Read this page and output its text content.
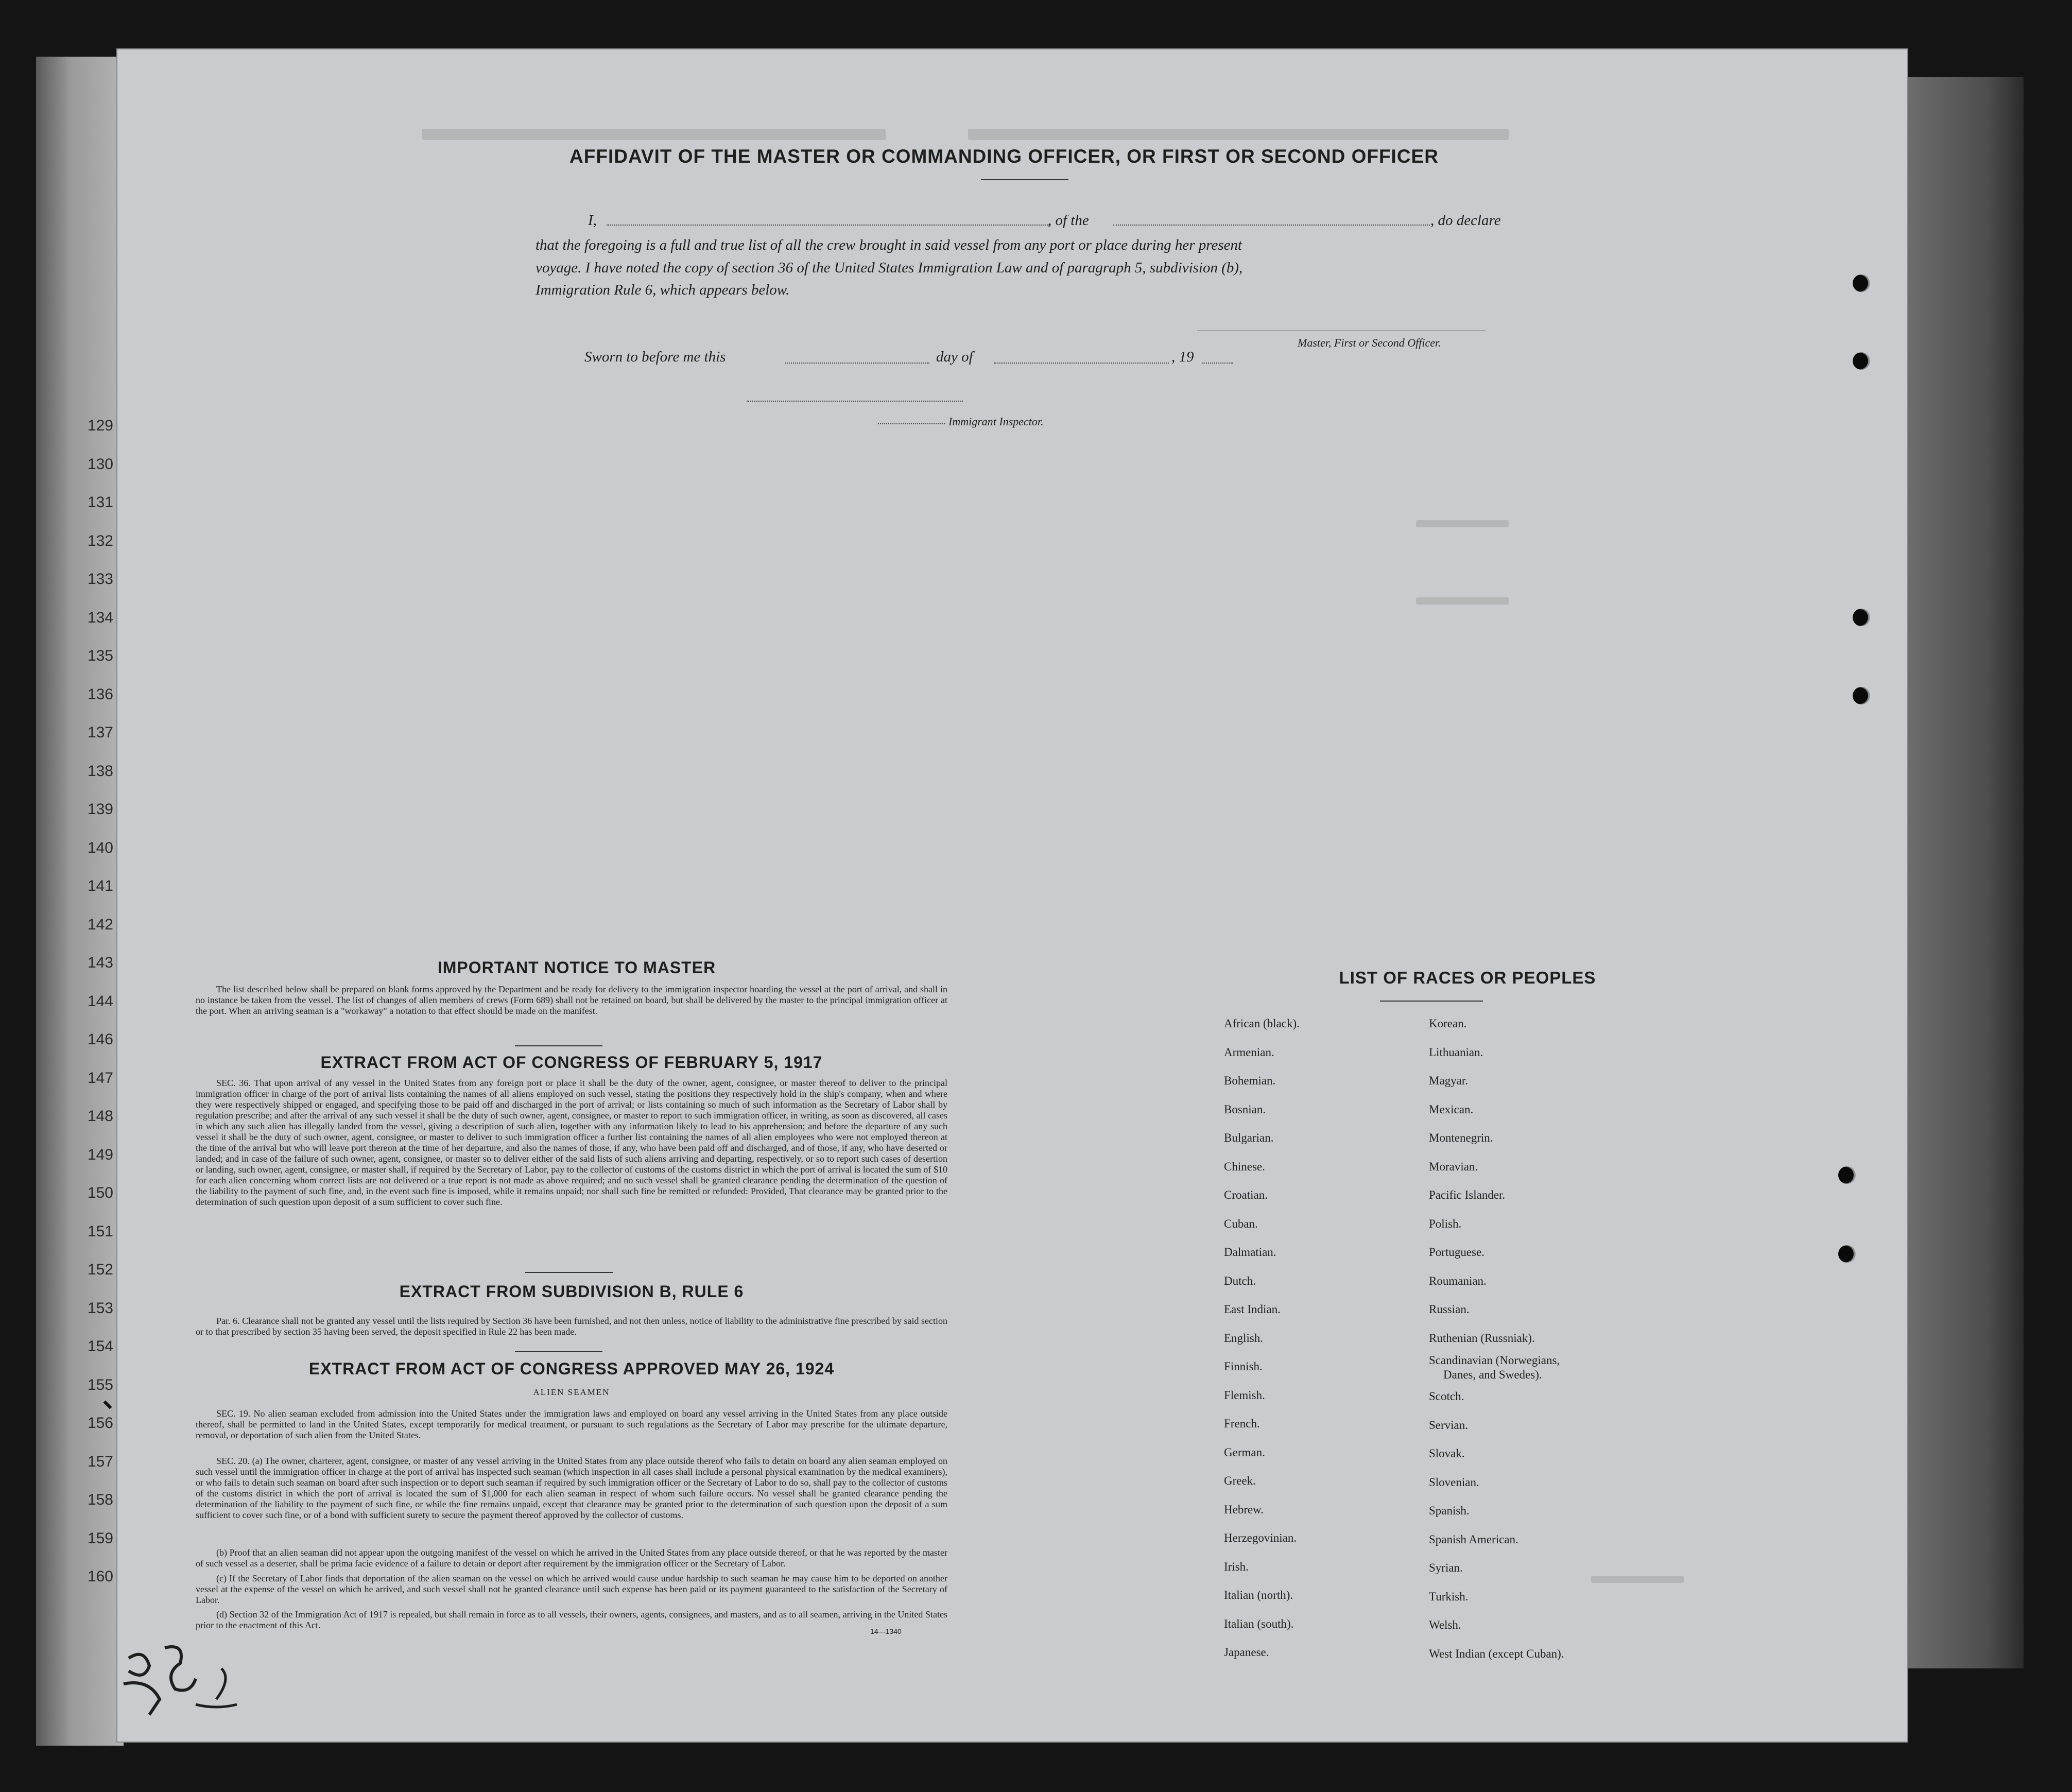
129
130
131
132
133
134
135
136
137
138
139
140
141
142
143
144
146
147
148
149
150
151
152
153
154
155
156
157
158
159
160
AFFIDAVIT OF THE MASTER OR COMMANDING OFFICER, OR FIRST OR SECOND OFFICER
I,	, of the	, do declare
that the foregoing is a full and true list of all the crew brought in said vessel from any port or place during her present
voyage. I have noted the copy of section 36 of the United States Immigration Law and of paragraph 5, subdivision (b),
Immigration Rule 6, which appears below.
Master, First or Second Officer.
Sworn to before me this	day of	, 19
Immigrant Inspector.
IMPORTANT NOTICE TO MASTER
The list described below shall be prepared on blank forms approved by the Department and be ready for delivery to the immigration inspector boarding the vessel at the port of arrival, and shall in no instance be taken from the vessel. The list of changes of alien members of crews (Form 689) shall not be retained on board, but shall be delivered by the master to the principal immigration officer at the port. When an arriving seaman is a "workaway" a notation to that effect should be made on the manifest.
EXTRACT FROM ACT OF CONGRESS OF FEBRUARY 5, 1917
SEC. 36. That upon arrival of any vessel in the United States from any foreign port or place it shall be the duty of the owner, agent, consignee, or master thereof to deliver to the principal immigration officer in charge of the port of arrival lists containing the names of all aliens employed on such vessel, stating the positions they respectively hold in the ship's company, when and where they were respectively shipped or engaged, and specifying those to be paid off and discharged in the port of arrival; or lists containing so much of such information as the Secretary of Labor shall by regulation prescribe; and after the arrival of any such vessel it shall be the duty of such owner, agent, consignee, or master to report to such immigration officer, in writing, as soon as discovered, all cases in which any such alien has illegally landed from the vessel, giving a description of such alien, together with any information likely to lead to his apprehension; and before the departure of any such vessel it shall be the duty of such owner, agent, consignee, or master to deliver to such immigration officer a further list containing the names of all alien employees who were not employed thereon at the time of the arrival but who will leave port thereon at the time of her departure, and also the names of those, if any, who have been paid off and discharged, and of those, if any, who have deserted or landed; and in case of the failure of such owner, agent, consignee, or master so to deliver either of the said lists of such aliens arriving and departing, respectively, or so to report such cases of desertion or landing, such owner, agent, consignee, or master shall, if required by the Secretary of Labor, pay to the collector of customs of the customs district in which the port of arrival is located the sum of $10 for each alien concerning whom correct lists are not delivered or a true report is not made as above required; and no such vessel shall be granted clearance pending the determination of the question of the liability to the payment of such fine, and, in the event such fine is imposed, while it remains unpaid; nor shall such fine be remitted or refunded: Provided, That clearance may be granted prior to the determination of such question upon deposit of a sum sufficient to cover such fine.
EXTRACT FROM SUBDIVISION B, RULE 6
Par. 6. Clearance shall not be granted any vessel until the lists required by Section 36 have been furnished, and not then unless, notice of liability to the administrative fine prescribed by said section or to that prescribed by section 35 having been served, the deposit specified in Rule 22 has been made.
EXTRACT FROM ACT OF CONGRESS APPROVED MAY 26, 1924
ALIEN SEAMEN
SEC. 19. No alien seaman excluded from admission into the United States under the immigration laws and employed on board any vessel arriving in the United States from any place outside thereof, shall be permitted to land in the United States, except temporarily for medical treatment, or pursuant to such regulations as the Secretary of Labor may prescribe for the ultimate departure, removal, or deportation of such alien from the United States.
SEC. 20. (a) The owner, charterer, agent, consignee, or master of any vessel arriving in the United States from any place outside thereof who fails to detain on board any alien seaman employed on such vessel until the immigration officer in charge at the port of arrival has inspected such seaman (which inspection in all cases shall include a personal physical examination by the medical examiners), or who fails to detain such seaman on board after such inspection or to deport such seaman if required by such immigration officer or the Secretary of Labor to do so, shall pay to the collector of customs of the customs district in which the port of arrival is located the sum of $1,000 for each alien seaman in respect of whom such failure occurs. No vessel shall be granted clearance pending the determination of the liability to the payment of such fine, or while the fine remains unpaid, except that clearance may be granted prior to the determination of such question upon the deposit of a sum sufficient to cover such fine, or of a bond with sufficient surety to secure the payment thereof approved by the collector of customs.
(b) Proof that an alien seaman did not appear upon the outgoing manifest of the vessel on which he arrived in the United States from any place outside thereof, or that he was reported by the master of such vessel as a deserter, shall be prima facie evidence of a failure to detain or deport after requirement by the immigration officer or the Secretary of Labor.
(c) If the Secretary of Labor finds that deportation of the alien seaman on the vessel on which he arrived would cause undue hardship to such seaman he may cause him to be deported on another vessel at the expense of the vessel on which he arrived, and such vessel shall not be granted clearance until such expense has been paid or its payment guaranteed to the satisfaction of the Secretary of Labor.
(d) Section 32 of the Immigration Act of 1917 is repealed, but shall remain in force as to all vessels, their owners, agents, consignees, and masters, and as to all seamen, arriving in the United States prior to the enactment of this Act.
14—1340
LIST OF RACES OR PEOPLES
African (black).
Armenian.
Bohemian.
Bosnian.
Bulgarian.
Chinese.
Croatian.
Cuban.
Dalmatian.
Dutch.
East Indian.
English.
Finnish.
Flemish.
French.
German.
Greek.
Hebrew.
Herzegovinian.
Irish.
Italian (north).
Italian (south).
Japanese.
Korean.
Lithuanian.
Magyar.
Mexican.
Montenegrin.
Moravian.
Pacific Islander.
Polish.
Portuguese.
Roumanian.
Russian.
Ruthenian (Russniak).
Scandinavian (Norwegians,
Danes, and Swedes).
Scotch.
Servian.
Slovak.
Slovenian.
Spanish.
Spanish American.
Syrian.
Turkish.
Welsh.
West Indian (except Cuban).
